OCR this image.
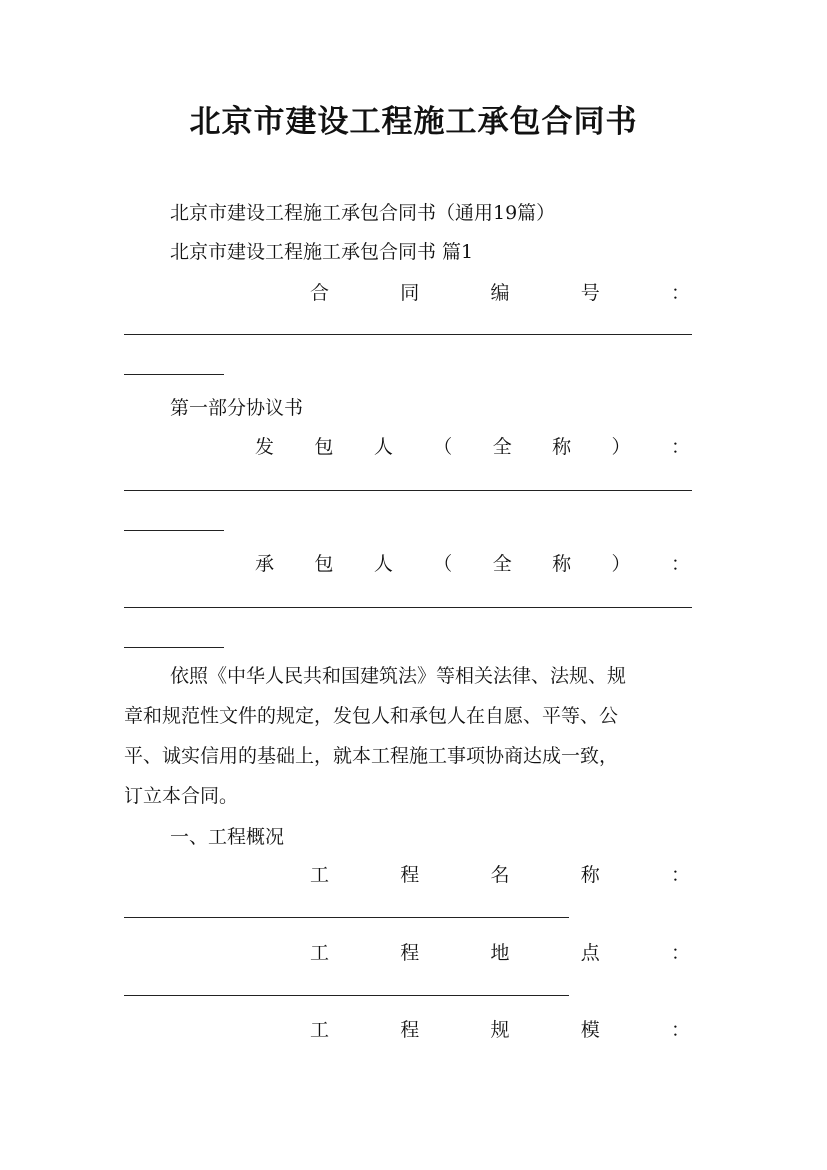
北京市建设工程施工承包合同书
北京市建设工程施工承包合同书（通用19篇）
北京市建设工程施工承包合同书 篇1
合	同	编	号	：
第一部分协议书
发 包 人 （ 全 称 ） ：
承 包 人 （ 全 称 ） ：
依照《中华人民共和国建筑法》等相关法律、法规、规
章和规范性文件的规定，发包人和承包人在自愿、平等、公
平、诚实信用的基础上，就本工程施工事项协商达成一致，
订立本合同。
一、工程概况
工	程	名	称	：
工	程	地	点	：
工	程	规	模	：
